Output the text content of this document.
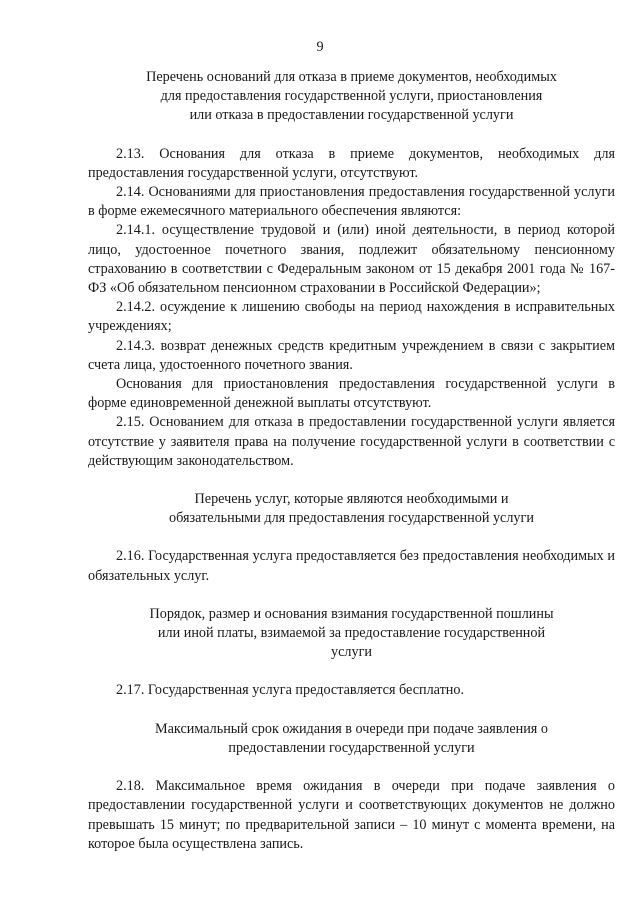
9

Перечень оснований для отказа в приеме документов, необходимых
для предоставления государственной услуги, приостановления
или отказа в предоставлении государственной услуги

2.13. Основания для отказа в приеме документов, необходимых для предоставления государственной услуги, отсутствуют.

2.14. Основаниями для приостановления предоставления государственной услуги в форме ежемесячного материального обеспечения являются:

2.14.1. осуществление трудовой и (или) иной деятельности, в период которой лицо, удостоенное почетного звания, подлежит обязательному пенсионному страхованию в соответствии с Федеральным законом от 15 декабря 2001 года № 167-ФЗ «Об обязательном пенсионном страховании в Российской Федерации»;

2.14.2. осуждение к лишению свободы на период нахождения в исправительных учреждениях;

2.14.3. возврат денежных средств кредитным учреждением в связи с закрытием счета лица, удостоенного почетного звания.

Основания для приостановления предоставления государственной услуги в форме единовременной денежной выплаты отсутствуют.

2.15. Основанием для отказа в предоставлении государственной услуги является отсутствие у заявителя права на получение государственной услуги в соответствии с действующим законодательством.

Перечень услуг, которые являются необходимыми и
обязательными для предоставления государственной услуги

2.16. Государственная услуга предоставляется без предоставления необходимых и обязательных услуг.

Порядок, размер и основания взимания государственной пошлины
или иной платы, взимаемой за предоставление государственной
услуги

2.17. Государственная услуга предоставляется бесплатно.

Максимальный срок ожидания в очереди при подаче заявления о
предоставлении государственной услуги

2.18. Максимальное время ожидания в очереди при подаче заявления о предоставлении государственной услуги и соответствующих документов не должно превышать 15 минут; по предварительной записи – 10 минут с момента времени, на которое была осуществлена запись.
